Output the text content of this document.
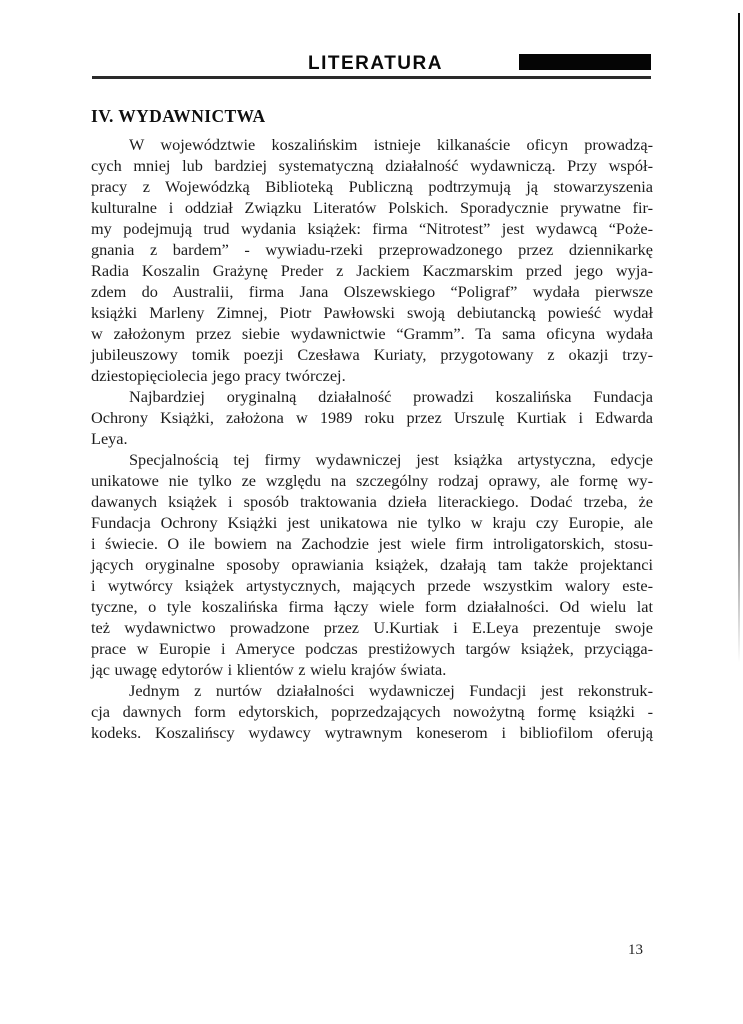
LITERATURA
IV. WYDAWNICTWA
W województwie koszalińskim istnieje kilkanaście oficyn prowadzą-
cych mniej lub bardziej systematyczną działalność wydawniczą. Przy współ-
pracy z Wojewódzką Biblioteką Publiczną podtrzymują ją stowarzyszenia
kulturalne i oddział Związku Literatów Polskich. Sporadycznie prywatne fir-
my podejmują trud wydania książek: firma “Nitrotest” jest wydawcą “Poże-
gnania z bardem” - wywiadu-rzeki przeprowadzonego przez dziennikarkę
Radia Koszalin Grażynę Preder z Jackiem Kaczmarskim przed jego wyja-
zdem do Australii, firma Jana Olszewskiego “Poligraf” wydała pierwsze
książki Marleny Zimnej, Piotr Pawłowski swoją debiutancką powieść wydał
w założonym przez siebie wydawnictwie “Gramm”. Ta sama oficyna wydała
jubileuszowy tomik poezji Czesława Kuriaty, przygotowany z okazji trzy-
dziestopięciolecia jego pracy twórczej.
Najbardziej oryginalną działalność prowadzi koszalińska Fundacja
Ochrony Książki, założona w 1989 roku przez Urszulę Kurtiak i Edwarda
Leya.
Specjalnością tej firmy wydawniczej jest książka artystyczna, edycje
unikatowe nie tylko ze względu na szczególny rodzaj oprawy, ale formę wy-
dawanych książek i sposób traktowania dzieła literackiego. Dodać trzeba, że
Fundacja Ochrony Książki jest unikatowa nie tylko w kraju czy Europie, ale
i świecie. O ile bowiem na Zachodzie jest wiele firm introligatorskich, stosu-
jących oryginalne sposoby oprawiania książek, dzałają tam także projektanci
i wytwórcy książek artystycznych, mających przede wszystkim walory este-
tyczne, o tyle koszalińska firma łączy wiele form działalności. Od wielu lat
też wydawnictwo prowadzone przez U.Kurtiak i E.Leya prezentuje swoje
prace w Europie i Ameryce podczas prestiżowych targów książek, przyciąga-
jąc uwagę edytorów i klientów z wielu krajów świata.
Jednym z nurtów działalności wydawniczej Fundacji jest rekonstruk-
cja dawnych form edytorskich, poprzedzających nowożytną formę książki -
kodeks. Koszalińscy wydawcy wytrawnym koneserom i bibliofilom oferują
13
